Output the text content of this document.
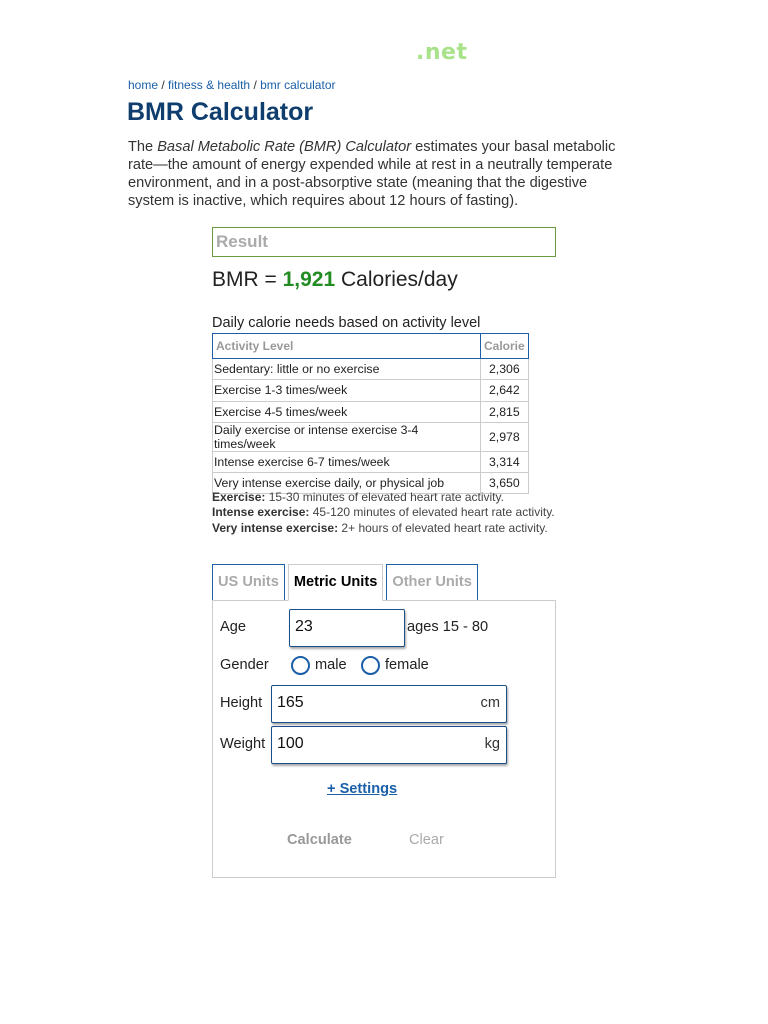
.net
home / fitness & health / bmr calculator
BMR Calculator

The Basal Metabolic Rate (BMR) Calculator estimates your basal metabolic rate—the amount of energy expended while at rest in a neutrally temperate environment, and in a post-absorptive state (meaning that the digestive system is inactive, which requires about 12 hours of fasting).

Result
BMR = 1,921 Calories/day
Daily calorie needs based on activity level
Activity Level	Calorie
Sedentary: little or no exercise	2,306
Exercise 1-3 times/week	2,642
Exercise 4-5 times/week	2,815
Daily exercise or intense exercise 3-4 times/week	2,978
Intense exercise 6-7 times/week	3,314
Very intense exercise daily, or physical job	3,650
Exercise: 15-30 minutes of elevated heart rate activity.
Intense exercise: 45-120 minutes of elevated heart rate activity.
Very intense exercise: 2+ hours of elevated heart rate activity.
US Units	Metric Units	Other Units
Age	23	ages 15 - 80
Gender	male	female
Height 165	cm
Weight 100	kg
+ Settings
Calculate	Clear
